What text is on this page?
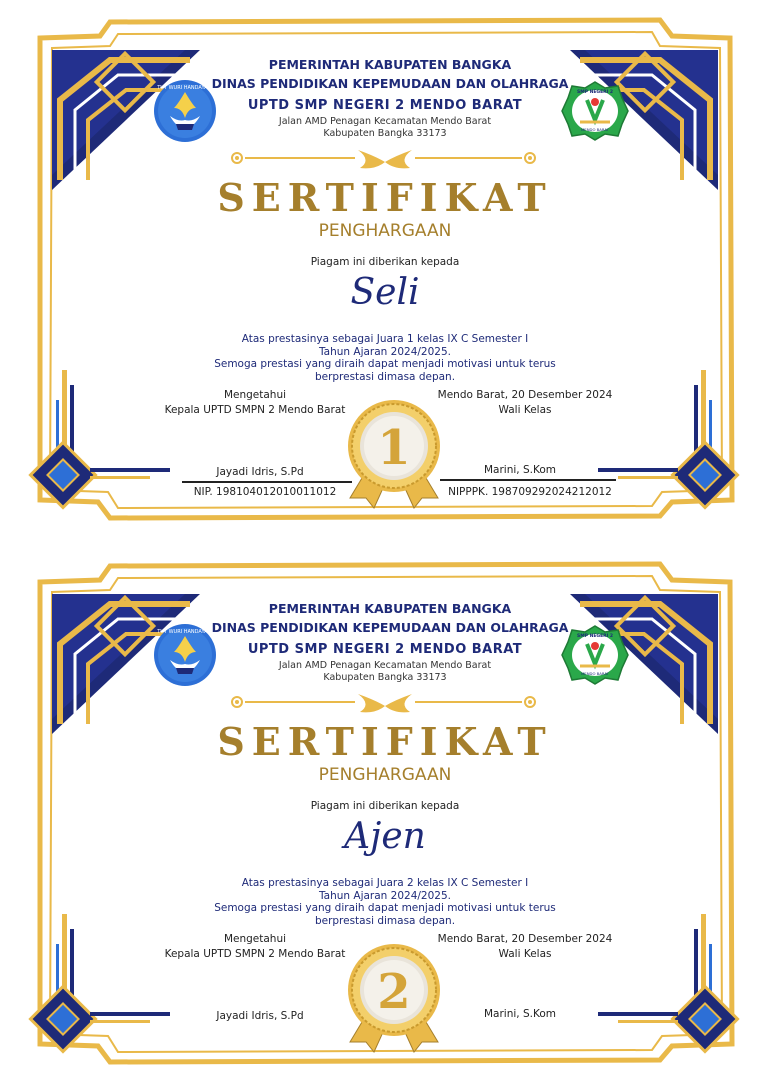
TUT WURI HANDAYANI
SMP NEGERI 2
MENDO BARAT
PEMERINTAH KABUPATEN BANGKA
DINAS PENDIDIKAN KEPEMUDAAN DAN OLAHRAGA
UPTD SMP NEGERI 2 MENDO BARAT
Jalan AMD Penagan Kecamatan Mendo Barat
Kabupaten Bangka 33173
SERTIFIKAT
PENGHARGAAN
Piagam ini diberikan kepada
Seli
Atas prestasinya sebagai Juara 1 kelas IX C Semester I
Tahun Ajaran 2024/2025.
Semoga prestasi yang diraih dapat menjadi motivasi untuk terus
berprestasi dimasa depan.
Mengetahui
Kepala UPTD SMPN 2 Mendo Barat
Mendo Barat, 20 Desember 2024
Wali Kelas
Jayadi Idris, S.Pd
NIP. 198104012010011012
Marini, S.Kom
NIPPPK. 198709292024212012
1
TUT WURI HANDAYANI
SMP NEGERI 2
MENDO BARAT
PEMERINTAH KABUPATEN BANGKA
DINAS PENDIDIKAN KEPEMUDAAN DAN OLAHRAGA
UPTD SMP NEGERI 2 MENDO BARAT
Jalan AMD Penagan Kecamatan Mendo Barat
Kabupaten Bangka 33173
SERTIFIKAT
PENGHARGAAN
Piagam ini diberikan kepada
Ajen
Atas prestasinya sebagai Juara 2 kelas IX C Semester I
Tahun Ajaran 2024/2025.
Semoga prestasi yang diraih dapat menjadi motivasi untuk terus
berprestasi dimasa depan.
Mengetahui
Kepala UPTD SMPN 2 Mendo Barat
Mendo Barat, 20 Desember 2024
Wali Kelas
Jayadi Idris, S.Pd	Marini, S.Kom
2
